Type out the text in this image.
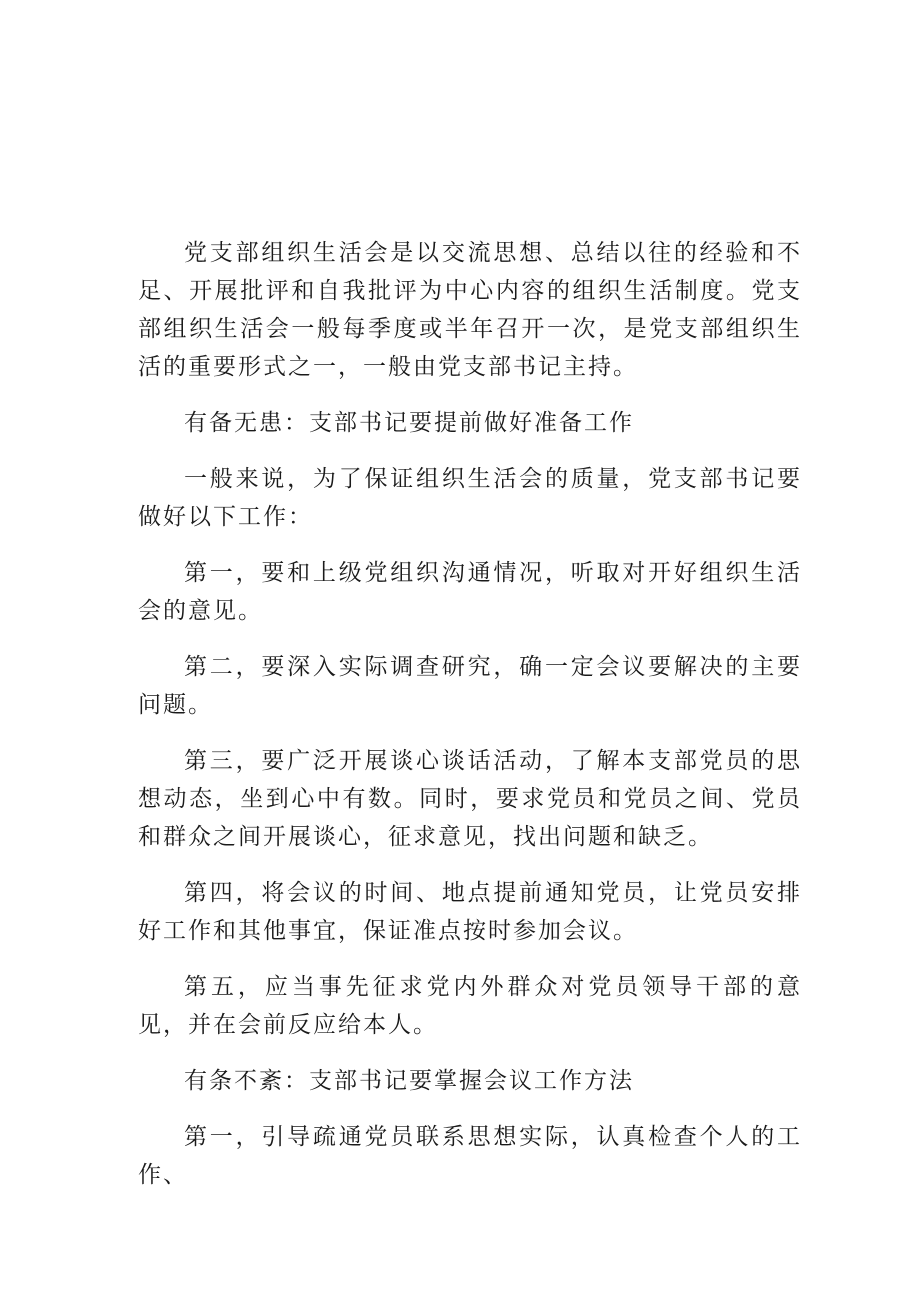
党支部组织生活会是以交流思想、总结以往的经验和不足、开展批评和自我批评为中心内容的组织生活制度。党支部组织生活会一般每季度或半年召开一次，是党支部组织生活的重要形式之一，一般由党支部书记主持。

有备无患：支部书记要提前做好准备工作

一般来说，为了保证组织生活会的质量，党支部书记要做好以下工作：

第一，要和上级党组织沟通情况，听取对开好组织生活会的意见。

第二，要深入实际调查研究，确一定会议要解决的主要问题。

第三，要广泛开展谈心谈话活动，了解本支部党员的思想动态，坐到心中有数。同时，要求党员和党员之间、党员和群众之间开展谈心，征求意见，找出问题和缺乏。

第四，将会议的时间、地点提前通知党员，让党员安排好工作和其他事宜，保证准点按时参加会议。

第五，应当事先征求党内外群众对党员领导干部的意见，并在会前反应给本人。

有条不紊：支部书记要掌握会议工作方法

第一，引导疏通党员联系思想实际，认真检查个人的工作、
